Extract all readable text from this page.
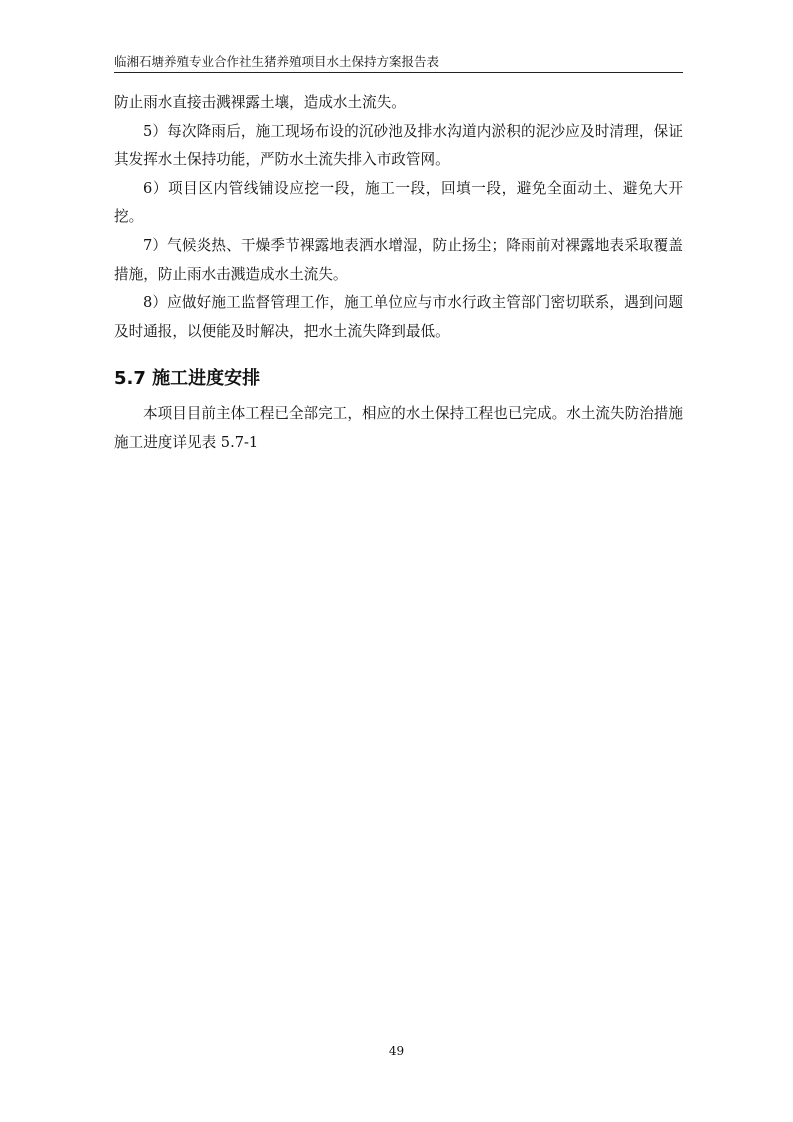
临湘石塘养殖专业合作社生猪养殖项目水土保持方案报告表

防止雨水直接击溅裸露土壤，造成水土流失。

5）每次降雨后，施工现场布设的沉砂池及排水沟道内淤积的泥沙应及时清理，保证其发挥水土保持功能，严防水土流失排入市政管网。

6）项目区内管线铺设应挖一段，施工一段，回填一段，避免全面动土、避免大开挖。

7）气候炎热、干燥季节裸露地表洒水增湿，防止扬尘；降雨前对裸露地表采取覆盖措施，防止雨水击溅造成水土流失。

8）应做好施工监督管理工作，施工单位应与市水行政主管部门密切联系，遇到问题及时通报，以便能及时解决，把水土流失降到最低。

5.7 施工进度安排

本项目目前主体工程已全部完工，相应的水土保持工程也已完成。水土流失防治措施施工进度详见表 5.7-1

49
